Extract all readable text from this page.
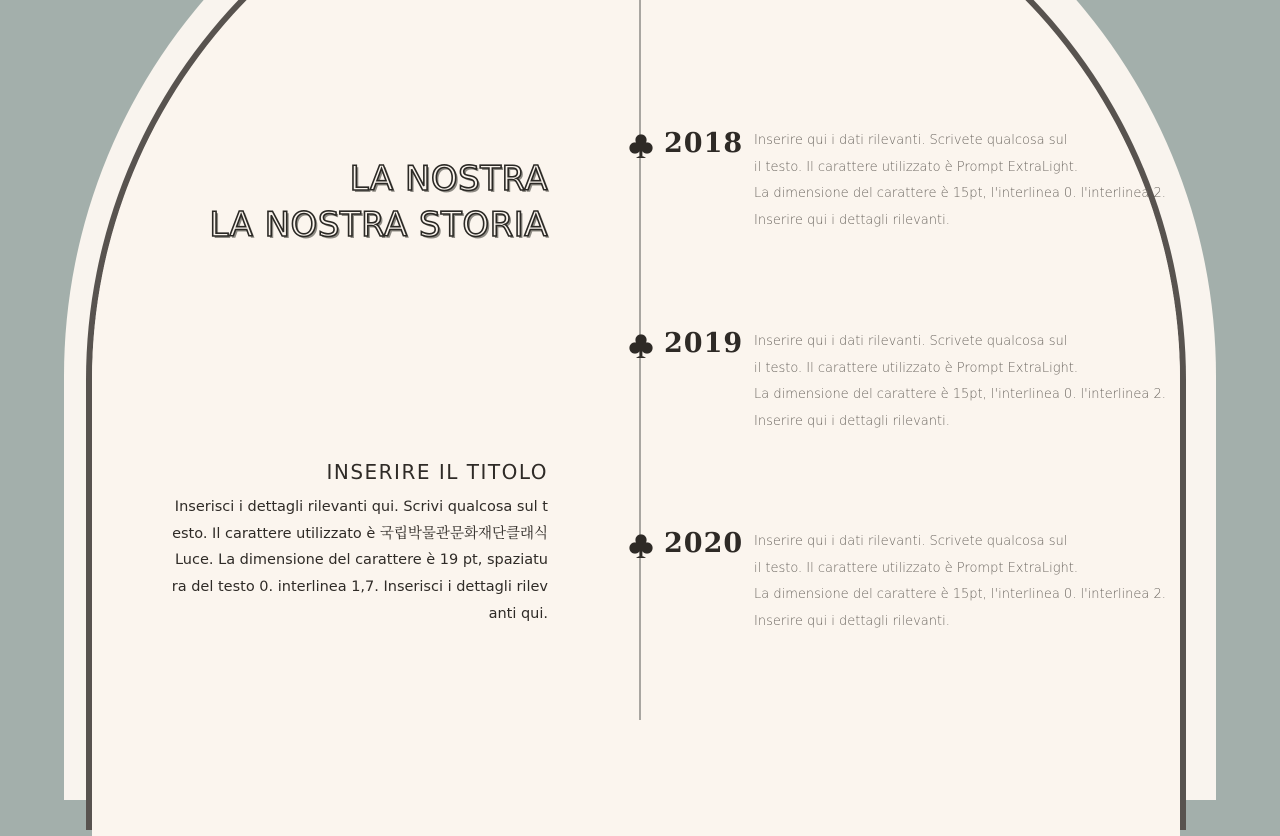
LA NOSTRA
LA NOSTRA STORIA
INSERIRE IL TITOLO
Inserisci i dettagli rilevanti qui. Scrivi qualcosa sul testo. Il carattere utilizzato è 국립박물관문화재단클래식 Luce. La dimensione del carattere è 19 pt, spaziatura del testo 0. interlinea 1,7. Inserisci i dettagli rilevanti qui.
2018 Inserire qui i dati rilevanti. Scrivete qualcosa sul
il testo. Il carattere utilizzato è Prompt ExtraLight.
La dimensione del carattere è 15pt, l'interlinea 0. l'interlinea 2.
Inserire qui i dettagli rilevanti.
2019 Inserire qui i dati rilevanti. Scrivete qualcosa sul
il testo. Il carattere utilizzato è Prompt ExtraLight.
La dimensione del carattere è 15pt, l'interlinea 0. l'interlinea 2.
Inserire qui i dettagli rilevanti.
2020 Inserire qui i dati rilevanti. Scrivete qualcosa sul
il testo. Il carattere utilizzato è Prompt ExtraLight.
La dimensione del carattere è 15pt, l'interlinea 0. l'interlinea 2.
Inserire qui i dettagli rilevanti.
